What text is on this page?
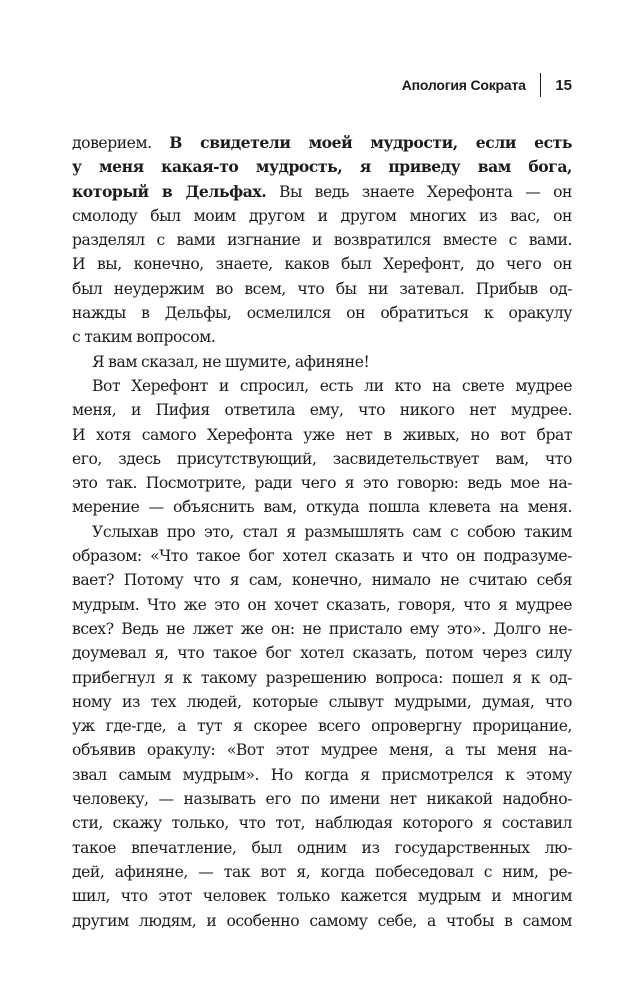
Апология Сократа 15
доверием. В свидетели моей мудрости, если есть
у меня какая-то мудрость, я приведу вам бога,
который в Дельфах. Вы ведь знаете Херефонта — он
смолоду был моим другом и другом многих из вас, он
разделял с вами изгнание и возвратился вместе с вами.
И вы, конечно, знаете, каков был Херефонт, до чего он
был неудержим во всем, что бы ни затевал. Прибыв од-
нажды в Дельфы, осмелился он обратиться к оракулу
с таким вопросом.
Я вам сказал, не шумите, афиняне!
Вот Херефонт и спросил, есть ли кто на свете мудрее
меня, и Пифия ответила ему, что никого нет мудрее.
И хотя самого Херефонта уже нет в живых, но вот брат
его, здесь присутствующий, засвидетельствует вам, что
это так. Посмотрите, ради чего я это говорю: ведь мое на-
мерение — объяснить вам, откуда пошла клевета на меня.
Услыхав про это, стал я размышлять сам с собою таким
образом: «Что такое бог хотел сказать и что он подразуме-
вает? Потому что я сам, конечно, нимало не считаю себя
мудрым. Что же это он хочет сказать, говоря, что я мудрее
всех? Ведь не лжет же он: не пристало ему это». Долго не-
доумевал я, что такое бог хотел сказать, потом через силу
прибегнул я к такому разрешению вопроса: пошел я к од-
ному из тех людей, которые слывут мудрыми, думая, что
уж где-где, а тут я скорее всего опровергну прорицание,
объявив оракулу: «Вот этот мудрее меня, а ты меня на-
звал самым мудрым». Но когда я присмотрелся к этому
человеку, — называть его по имени нет никакой надобно-
сти, скажу только, что тот, наблюдая которого я составил
такое впечатление, был одним из государственных лю-
дей, афиняне, — так вот я, когда побеседовал с ним, ре-
шил, что этот человек только кажется мудрым и многим
другим людям, и особенно самому себе, а чтобы в самом
